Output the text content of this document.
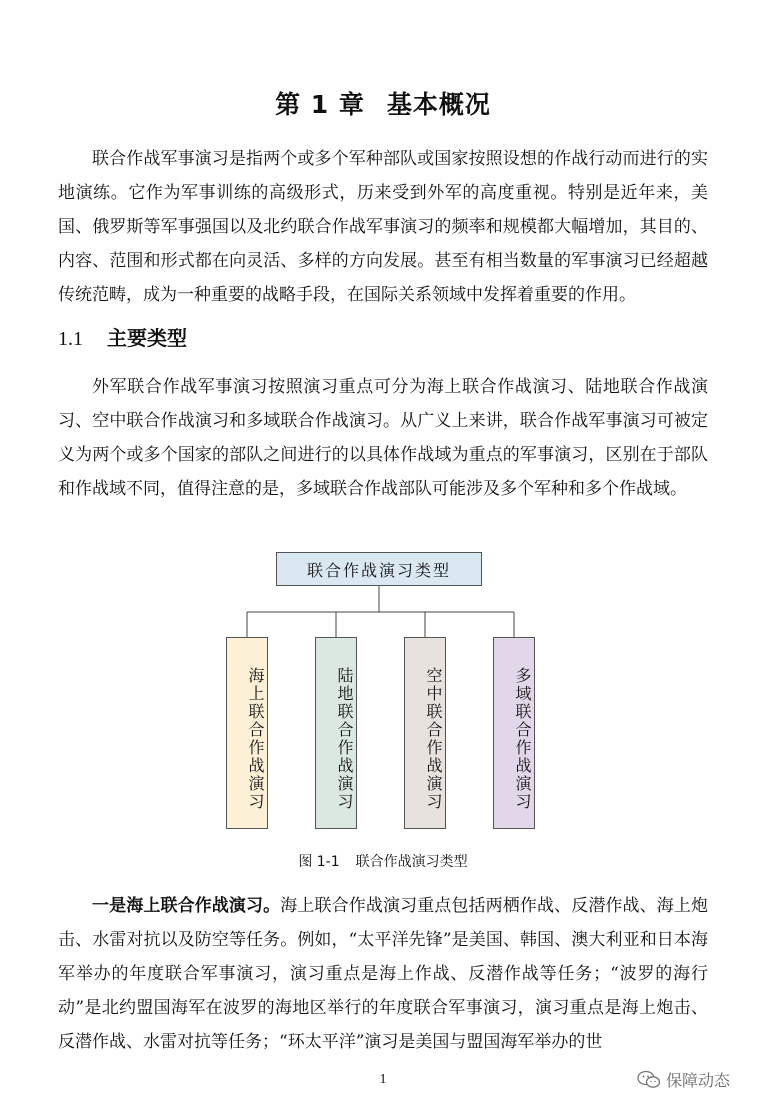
第 1 章 基本概况

联合作战军事演习是指两个或多个军种部队或国家按照设想的作战行动而进行的实地演练。它作为军事训练的高级形式，历来受到外军的高度重视。特别是近年来，美国、俄罗斯等军事强国以及北约联合作战军事演习的频率和规模都大幅增加，其目的、内容、范围和形式都在向灵活、多样的方向发展。甚至有相当数量的军事演习已经超越传统范畴，成为一种重要的战略手段，在国际关系领域中发挥着重要的作用。

1.1 主要类型

外军联合作战军事演习按照演习重点可分为海上联合作战演习、陆地联合作战演习、空中联合作战演习和多域联合作战演习。从广义上来讲，联合作战军事演习可被定义为两个或多个国家的部队之间进行的以具体作战域为重点的军事演习，区别在于部队和作战域不同，值得注意的是，多域联合作战部队可能涉及多个军种和多个作战域。

联合作战演习类型
海上联合作战演习	陆地联合作战演习	空中联合作战演习	多域联合作战演习
图 1-1 联合作战演习类型

一是海上联合作战演习。海上联合作战演习重点包括两栖作战、反潜作战、海上炮击、水雷对抗以及防空等任务。例如，“太平洋先锋”是美国、韩国、澳大利亚和日本海军举办的年度联合军事演习，演习重点是海上作战、反潜作战等任务；“波罗的海行动”是北约盟国海军在波罗的海地区举行的年度联合军事演习，演习重点是海上炮击、反潜作战、水雷对抗等任务；“环太平洋”演习是美国与盟国海军举办的世

1	保障动态
